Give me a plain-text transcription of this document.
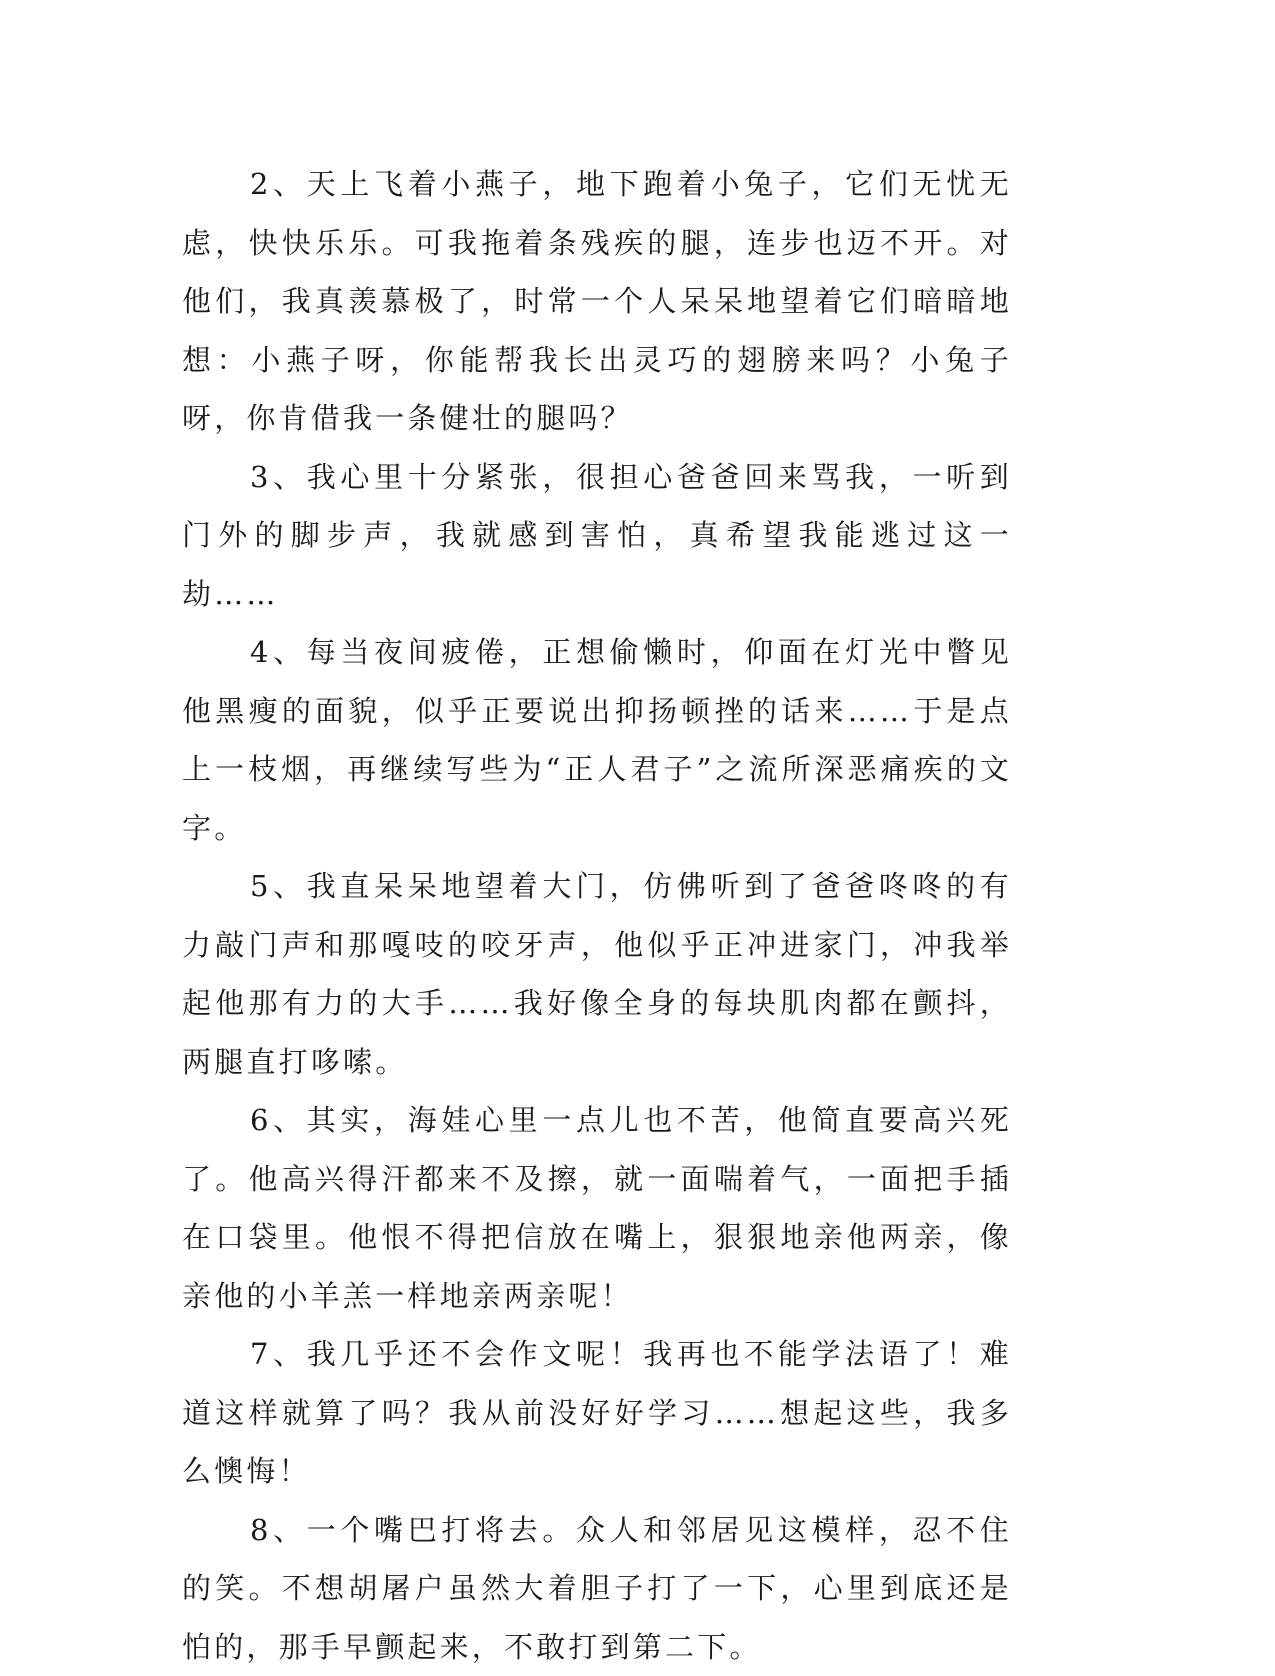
2、天上飞着小燕子，地下跑着小兔子，它们无忧无虑，快快乐乐。可我拖着条残疾的腿，连步也迈不开。对他们，我真羡慕极了，时常一个人呆呆地望着它们暗暗地想：小燕子呀，你能帮我长出灵巧的翅膀来吗？小兔子呀，你肯借我一条健壮的腿吗？

3、我心里十分紧张，很担心爸爸回来骂我，一听到门外的脚步声，我就感到害怕，真希望我能逃过这一劫……

4、每当夜间疲倦，正想偷懒时，仰面在灯光中瞥见他黑瘦的面貌，似乎正要说出抑扬顿挫的话来……于是点上一枝烟，再继续写些为“正人君子”之流所深恶痛疾的文字。

5、我直呆呆地望着大门，仿佛听到了爸爸咚咚的有力敲门声和那嘎吱的咬牙声，他似乎正冲进家门，冲我举起他那有力的大手……我好像全身的每块肌肉都在颤抖，两腿直打哆嗦。

6、其实，海娃心里一点儿也不苦，他简直要高兴死了。他高兴得汗都来不及擦，就一面喘着气，一面把手插在口袋里。他恨不得把信放在嘴上，狠狠地亲他两亲，像亲他的小羊羔一样地亲两亲呢！

7、我几乎还不会作文呢！我再也不能学法语了！难道这样就算了吗？我从前没好好学习……想起这些，我多么懊悔！

8、一个嘴巴打将去。众人和邻居见这模样，忍不住的笑。不想胡屠户虽然大着胆子打了一下，心里到底还是怕的，那手早颤起来，不敢打到第二下。
